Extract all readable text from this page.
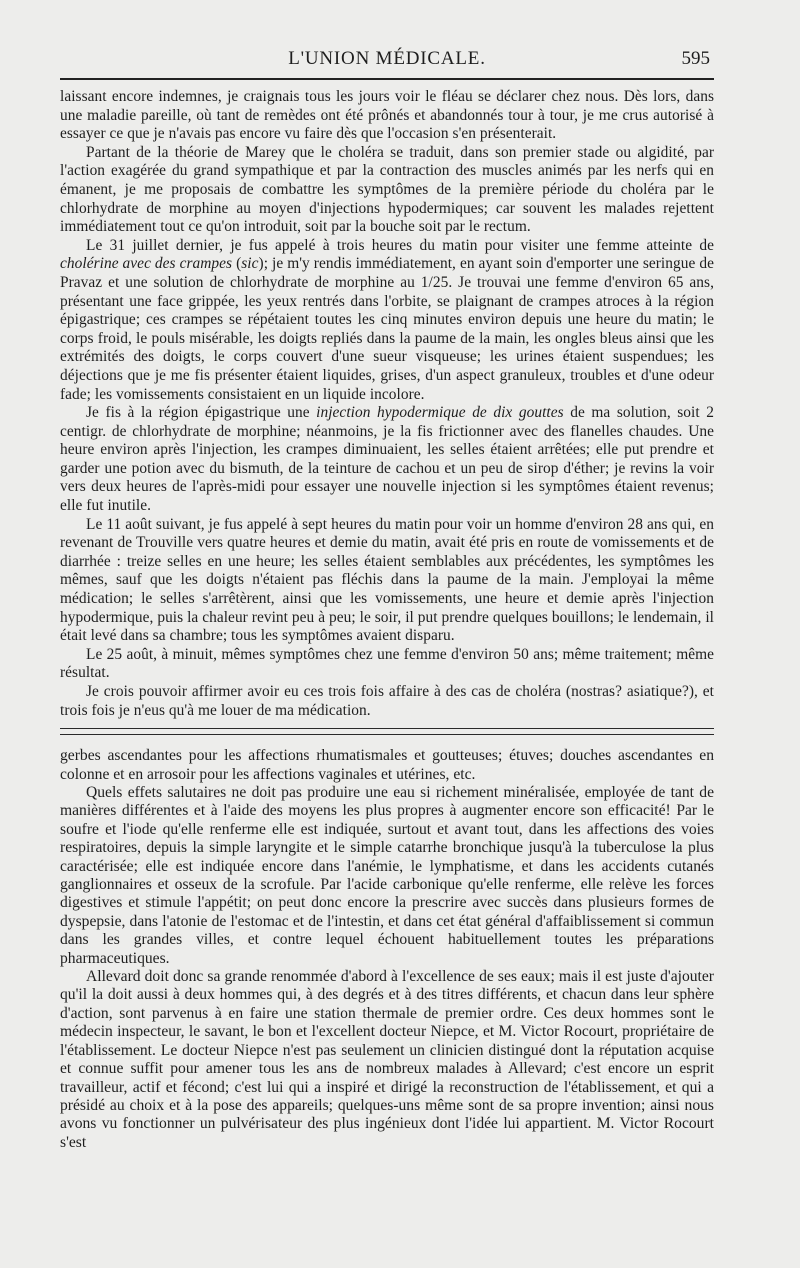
L'UNION MÉDICALE.	595

laissant encore indemnes, je craignais tous les jours voir le fléau se déclarer chez nous. Dès lors, dans une maladie pareille, où tant de remèdes ont été prônés et abandonnés tour à tour, je me crus autorisé à essayer ce que je n'avais pas encore vu faire dès que l'occasion s'en présenterait.

Partant de la théorie de Marey que le choléra se traduit, dans son premier stade ou algidité, par l'action exagérée du grand sympathique et par la contraction des muscles animés par les nerfs qui en émanent, je me proposais de combattre les symptômes de la première période du choléra par le chlorhydrate de morphine au moyen d'injections hypodermiques; car souvent les malades rejettent immédiatement tout ce qu'on introduit, soit par la bouche soit par le rectum.

Le 31 juillet dernier, je fus appelé à trois heures du matin pour visiter une femme atteinte de cholérine avec des crampes (sic); je m'y rendis immédiatement, en ayant soin d'emporter une seringue de Pravaz et une solution de chlorhydrate de morphine au 1/25. Je trouvai une femme d'environ 65 ans, présentant une face grippée, les yeux rentrés dans l'orbite, se plaignant de crampes atroces à la région épigastrique; ces crampes se répétaient toutes les cinq minutes environ depuis une heure du matin; le corps froid, le pouls misérable, les doigts repliés dans la paume de la main, les ongles bleus ainsi que les extrémités des doigts, le corps couvert d'une sueur visqueuse; les urines étaient suspendues; les déjections que je me fis présenter étaient liquides, grises, d'un aspect granuleux, troubles et d'une odeur fade; les vomissements consistaient en un liquide incolore.

Je fis à la région épigastrique une injection hypodermique de dix gouttes de ma solution, soit 2 centigr. de chlorhydrate de morphine; néanmoins, je la fis frictionner avec des flanelles chaudes. Une heure environ après l'injection, les crampes diminuaient, les selles étaient arrêtées; elle put prendre et garder une potion avec du bismuth, de la teinture de cachou et un peu de sirop d'éther; je revins la voir vers deux heures de l'après-midi pour essayer une nouvelle injection si les symptômes étaient revenus; elle fut inutile.

Le 11 août suivant, je fus appelé à sept heures du matin pour voir un homme d'environ 28 ans qui, en revenant de Trouville vers quatre heures et demie du matin, avait été pris en route de vomissements et de diarrhée : treize selles en une heure; les selles étaient semblables aux précédentes, les symptômes les mêmes, sauf que les doigts n'étaient pas fléchis dans la paume de la main. J'employai la même médication; le selles s'arrêtèrent, ainsi que les vomissements, une heure et demie après l'injection hypodermique, puis la chaleur revint peu à peu; le soir, il put prendre quelques bouillons; le lendemain, il était levé dans sa chambre; tous les symptômes avaient disparu.

Le 25 août, à minuit, mêmes symptômes chez une femme d'environ 50 ans; même traitement; même résultat.

Je crois pouvoir affirmer avoir eu ces trois fois affaire à des cas de choléra (nostras? asiatique?), et trois fois je n'eus qu'à me louer de ma médication.

gerbes ascendantes pour les affections rhumatismales et goutteuses; étuves; douches ascendantes en colonne et en arrosoir pour les affections vaginales et utérines, etc.

Quels effets salutaires ne doit pas produire une eau si richement minéralisée, employée de tant de manières différentes et à l'aide des moyens les plus propres à augmenter encore son efficacité! Par le soufre et l'iode qu'elle renferme elle est indiquée, surtout et avant tout, dans les affections des voies respiratoires, depuis la simple laryngite et le simple catarrhe bronchique jusqu'à la tuberculose la plus caractérisée; elle est indiquée encore dans l'anémie, le lymphatisme, et dans les accidents cutanés ganglionnaires et osseux de la scrofule. Par l'acide carbonique qu'elle renferme, elle relève les forces digestives et stimule l'appétit; on peut donc encore la prescrire avec succès dans plusieurs formes de dyspepsie, dans l'atonie de l'estomac et de l'intestin, et dans cet état général d'affaiblissement si commun dans les grandes villes, et contre lequel échouent habituellement toutes les préparations pharmaceutiques.

Allevard doit donc sa grande renommée d'abord à l'excellence de ses eaux; mais il est juste d'ajouter qu'il la doit aussi à deux hommes qui, à des degrés et à des titres différents, et chacun dans leur sphère d'action, sont parvenus à en faire une station thermale de premier ordre. Ces deux hommes sont le médecin inspecteur, le savant, le bon et l'excellent docteur Niepce, et M. Victor Rocourt, propriétaire de l'établissement. Le docteur Niepce n'est pas seulement un clinicien distingué dont la réputation acquise et connue suffit pour amener tous les ans de nombreux malades à Allevard; c'est encore un esprit travailleur, actif et fécond; c'est lui qui a inspiré et dirigé la reconstruction de l'établissement, et qui a présidé au choix et à la pose des appareils; quelques-uns même sont de sa propre invention; ainsi nous avons vu fonctionner un pulvérisateur des plus ingénieux dont l'idée lui appartient. M. Victor Rocourt s'est
